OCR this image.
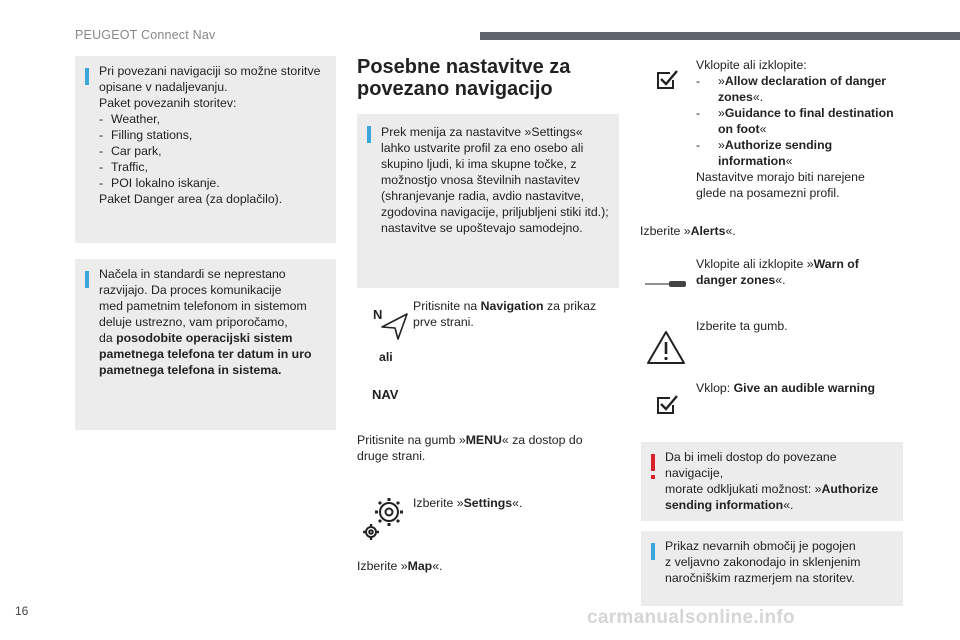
PEUGEOT Connect Nav

Pri povezani navigaciji so možne storitve

opisane v nadaljevanju.

Paket povezanih storitev:

- Weather,
- Filling stations,
- Car park,
- Traffic,
- POI lokalno iskanje.

Paket Danger area (za doplačilo).

Načela in standardi se neprestano

razvijajo. Da proces komunikacije

med pametnim telefonom in sistemom

deluje ustrezno, vam priporočamo,

da posodobite operacijski sistem

pametnega telefona ter datum in uro

pametnega telefona in sistema.

Posebne nastavitve za
povezano navigacijo

Prek menija za nastavitve »Settings«

lahko ustvarite profil za eno osebo ali

skupino ljudi, ki ima skupne točke, z

možnostjo vnosa številnih nastavitev

(shranjevanje radia, avdio nastavitve,

zgodovina navigacije, priljubljeni stiki itd.);

nastavitve se upoštevajo samodejno.

N
ali
NAV
Pritisnite na Navigation za prikaz
prve strani.
Pritisnite na gumb »MENU« za dostop do
druge strani.
Izberite »Settings«.
Izberite »Map«.
Vklopite ali izklopite:
-	»Allow declaration of danger
zones«.
-	»Guidance to final destination
on foot«
-	»Authorize sending
information«
Nastavitve morajo biti narejene
glede na posamezni profil.
Izberite »Alerts«.
Vklopite ali izklopite »Warn of
danger zones«.
Izberite ta gumb.
Vklop: Give an audible warning

Da bi imeli dostop do povezane navigacije,

morate odkljukati možnost: »Authorize

sending information«.

Prikaz nevarnih območij je pogojen

z veljavno zakonodajo in sklenjenim

naročniškim razmerjem na storitev.

16	carmanualsonline.info
